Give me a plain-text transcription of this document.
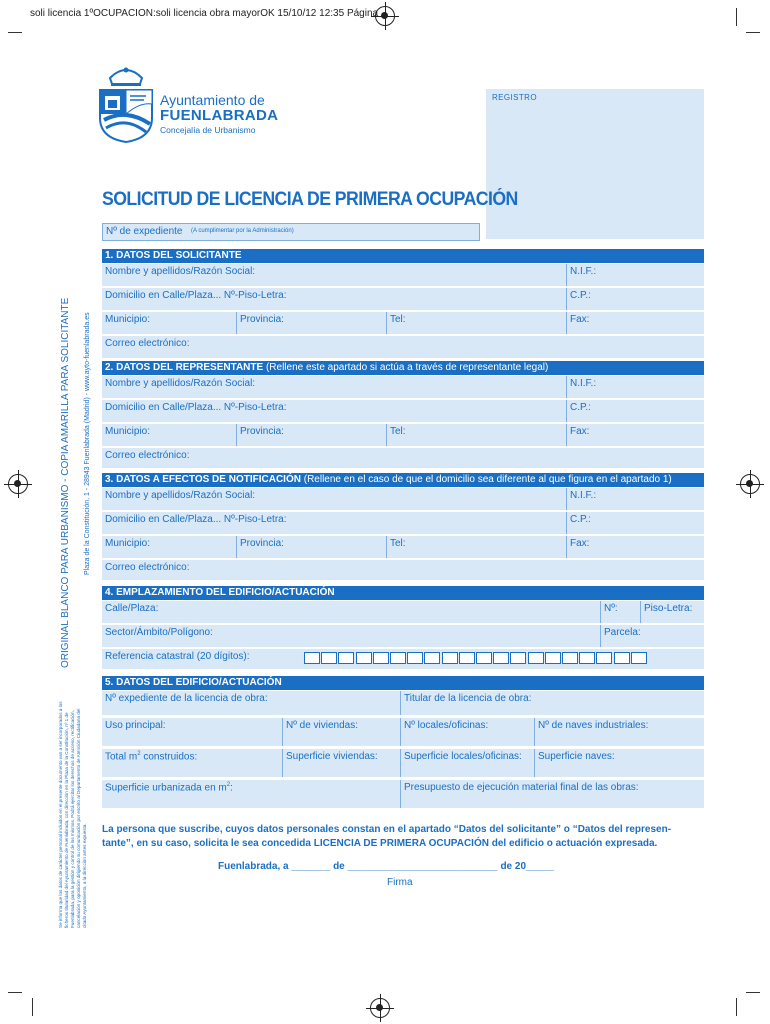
soli licencia 1ºOCUPACION:soli licencia obra mayorOK 15/10/12 12:35 Página
Ayuntamiento de
FUENLABRADA
Concejalía de Urbanismo
REGISTRO
SOLICITUD DE LICENCIA DE PRIMERA OCUPACIÓN
Nº de expediente (A cumplimentar por la Administración)
ORIGINAL BLANCO PARA URBANISMO - COPIA AMARILLA PARA SOLICITANTE Plaza de la Constitución, 1 - 28943 Fuenlabrada (Madrid) - www.ayto-fuenlabrada.es
Se informa que los datos de carácter personal incluidos en el presente documento van a ser incorporados a los ficheros titularidad del Ayuntamiento de Fuenlabrada, con dirección en la Plaza de la Constitución, nº 1 de Fuenlabrada, para la gestión y control de los mismos. Podrá ejercitar los derechos de acceso, rectificación, cancelación y oposición dirigiendo su comunicación por escrito al Departamento de Atención Ciudadana del citado Ayuntamiento, a la dirección antes expuesta.
1. DATOS DEL SOLICITANTE
Nombre y apellidos/Razón Social:	N.I.F.:
Domicilio en Calle/Plaza... Nº-Piso-Letra:	C.P.:
Municipio:	Provincia:	Tel:	Fax:
Correo electrónico:
2. DATOS DEL REPRESENTANTE (Rellene este apartado si actúa a través de representante legal)
Nombre y apellidos/Razón Social:	N.I.F.:
Domicilio en Calle/Plaza... Nº-Piso-Letra:	C.P.:
Municipio:	Provincia:	Tel:	Fax:
Correo electrónico:
3. DATOS A EFECTOS DE NOTIFICACIÓN (Rellene en el caso de que el domicilio sea diferente al que figura en el apartado 1)
Nombre y apellidos/Razón Social:	N.I.F.:
Domicilio en Calle/Plaza... Nº-Piso-Letra:	C.P.:
Municipio:	Provincia:	Tel:	Fax:
Correo electrónico:
4. EMPLAZAMIENTO DEL EDIFICIO/ACTUACIÓN
Calle/Plaza:	Nº:	Piso-Letra:
Sector/Ámbito/Polígono:	Parcela:
Referencia catastral (20 dígitos):
5. DATOS DEL EDIFICIO/ACTUACIÓN
Nº expediente de la licencia de obra:	Titular de la licencia de obra:
Uso principal:	Nº de viviendas:	Nº locales/oficinas:	Nº de naves industriales:
Total $m^2$ construidos:	Superficie viviendas:	Superficie locales/oficinas:	Superficie naves:
Superficie urbanizada en $m^2$:	Presupuesto de ejecución material final de las obras:
La persona que suscribe, cuyos datos personales constan en el apartado “Datos del solicitante” o “Datos del represen-
tante”, en su caso, solicita le sea concedida LICENCIA DE PRIMERA OCUPACIÓN del edificio o actuación expresada.
Fuenlabrada, a _______ de ___________________________ de 20_____
Firma
